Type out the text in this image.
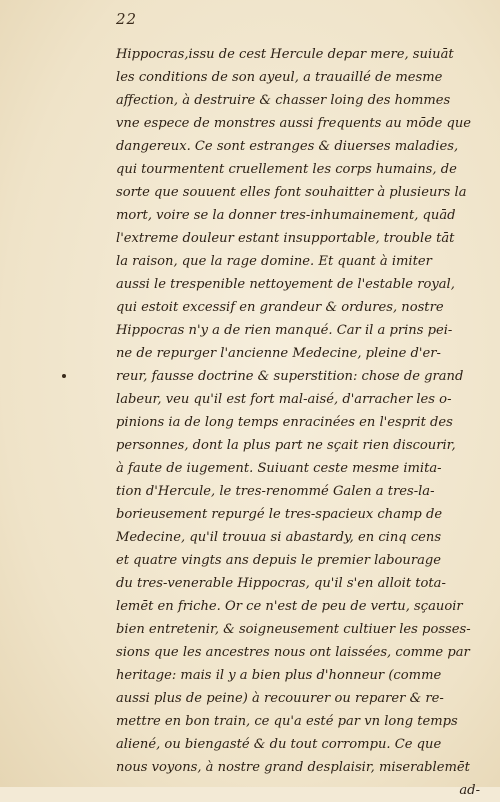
22
Hippocras,issu de cest Hercule depar mere, suiuāt
les conditions de son ayeul, a trauaillé de mesme
affection, à destruire & chasser loing des hommes
vne espece de monstres aussi frequents au mōde que
dangereux. Ce sont estranges & diuerses maladies,
qui tourmentent cruellement les corps humains, de
sorte que souuent elles font souhaitter à plusieurs la
mort, voire se la donner tres-inhumainement, quād
l'extreme douleur estant insupportable, trouble tāt
la raison, que la rage domine. Et quant à imiter
aussi le trespenible nettoyement de l'estable royal,
qui estoit excessif en grandeur & ordures, nostre
Hippocras n'y a de rien manqué. Car il a prins pei-
ne de repurger l'ancienne Medecine, pleine d'er-
reur, fausse doctrine & superstition: chose de grand
labeur, veu qu'il est fort mal-aisé, d'arracher les o-
pinions ia de long temps enracinées en l'esprit des
personnes, dont la plus part ne sçait rien discourir,
à faute de iugement. Suiuant ceste mesme imita-
tion d'Hercule, le tres-renommé Galen a tres-la-
borieusement repurgé le tres-spacieux champ de
Medecine, qu'il trouua si abastardy, en cinq cens
et quatre vingts ans depuis le premier labourage
du tres-venerable Hippocras, qu'il s'en alloit tota-
lemēt en friche. Or ce n'est de peu de vertu, sçauoir
bien entretenir, & soigneusement cultiuer les posses-
sions que les ancestres nous ont laissées, comme par
heritage: mais il y a bien plus d'honneur (comme
aussi plus de peine) à recouurer ou reparer & re-
mettre en bon train, ce qu'a esté par vn long temps
aliené, ou biengasté & du tout corrompu. Ce que
nous voyons, à nostre grand desplaisir, miserablemēt
ad-
